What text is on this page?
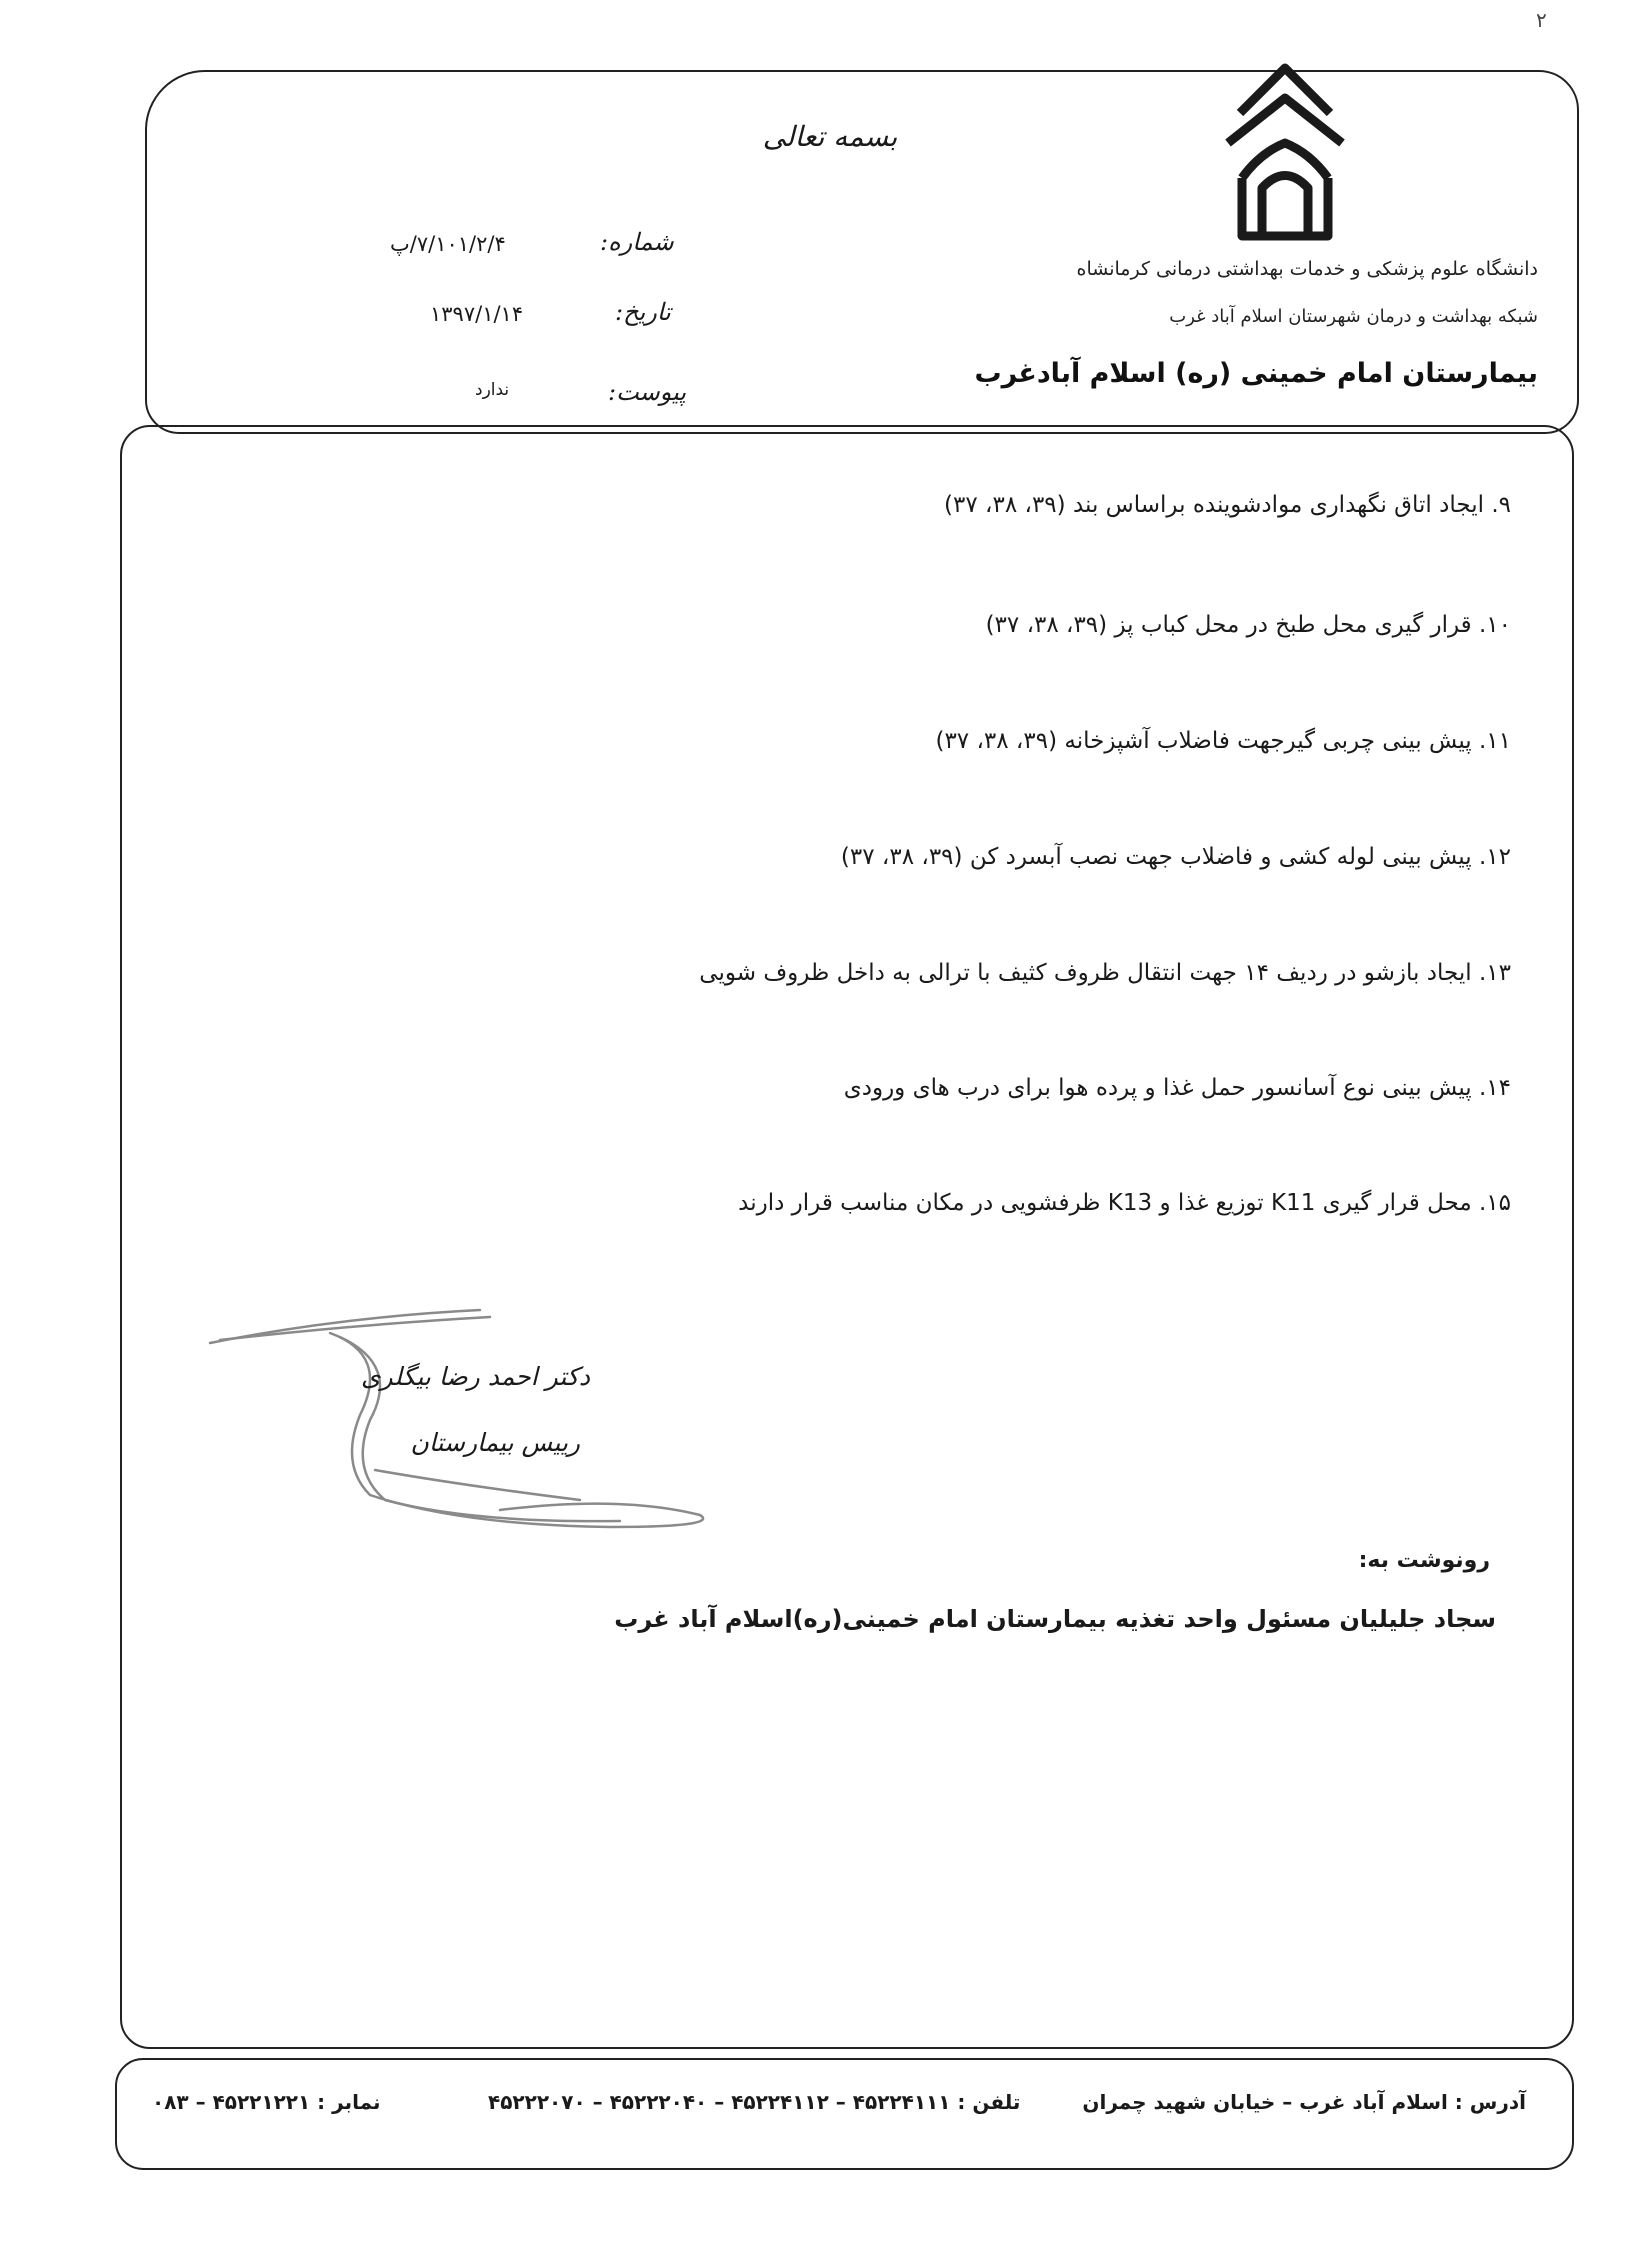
۲
بسمه تعالی
دانشگاه علوم پزشکی و خدمات بهداشتی درمانی کرمانشاه
شبکه بهداشت و درمان شهرستان اسلام آباد غرب
بیمارستان امام خمینی (ره) اسلام آبادغرب
شماره:
۷/۱۰۱/۲/۴/پ
تاریخ:
۱۳۹۷/۱/۱۴
پیوست:
ندارد
۹. ایجاد اتاق نگهداری موادشوینده براساس بند (۳۹، ۳۸، ۳۷)
۱۰. قرار گیری محل طبخ در محل کباب پز (۳۹، ۳۸، ۳۷)
۱۱. پیش بینی چربی گیرجهت فاضلاب آشپزخانه (۳۹، ۳۸، ۳۷)
۱۲. پیش بینی لوله کشی و فاضلاب جهت نصب آبسرد کن (۳۹، ۳۸، ۳۷)
۱۳. ایجاد بازشو در ردیف ۱۴ جهت انتقال ظروف کثیف با ترالی به داخل ظروف شویی
۱۴. پیش بینی نوع آسانسور حمل غذا و پرده هوا برای درب های ورودی
۱۵. محل قرار گیری K11 توزیع غذا و K13 ظرفشویی در مکان مناسب قرار دارند
دکتر احمد رضا بیگلری
رییس بیمارستان
رونوشت به:
سجاد جلیلیان مسئول واحد تغذیه بیمارستان امام خمینی(ره)اسلام آباد غرب
آدرس : اسلام آباد غرب – خیابان شهید چمران
تلفن : ۴۵۲۲۴۱۱۱ – ۴۵۲۲۴۱۱۲ – ۴۵۲۲۲۰۴۰ – ۴۵۲۲۲۰۷۰
نمابر : ۴۵۲۲۱۲۲۱ – ۰۸۳
